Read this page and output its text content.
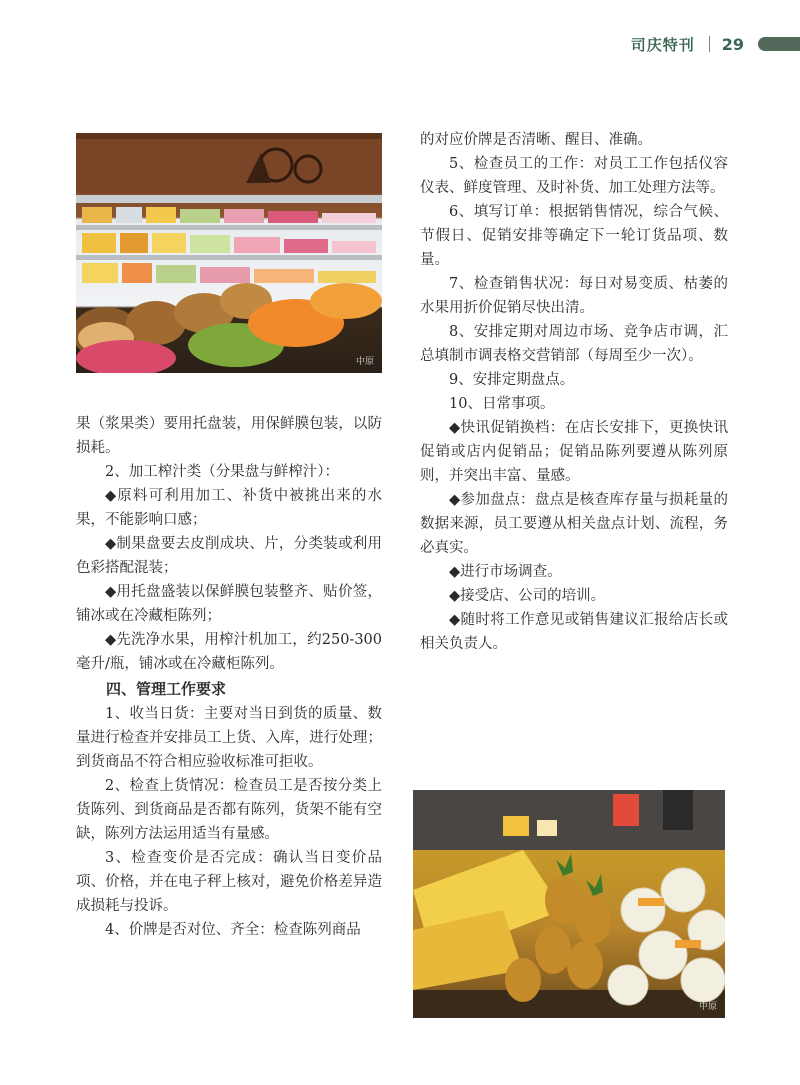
司庆特刊 29
中原
中原

果（浆果类）要用托盘装，用保鲜膜包装，以防损耗。

2、加工榨汁类（分果盘与鲜榨汁）：

◆原料可利用加工、补货中被挑出来的水果，不能影响口感；

◆制果盘要去皮削成块、片，分类装或利用色彩搭配混装；

◆用托盘盛装以保鲜膜包装整齐、贴价签，铺冰或在冷藏柜陈列；

◆先洗净水果，用榨汁机加工，约250-300毫升/瓶，铺冰或在冷藏柜陈列。

四、管理工作要求

1、收当日货：主要对当日到货的质量、数量进行检查并安排员工上货、入库，进行处理；到货商品不符合相应验收标准可拒收。

2、检查上货情况：检查员工是否按分类上货陈列、到货商品是否都有陈列，货架不能有空缺，陈列方法运用适当有量感。

3、检查变价是否完成：确认当日变价品项、价格，并在电子秤上核对，避免价格差异造成损耗与投诉。

4、价牌是否对位、齐全：检查陈列商品

的对应价牌是否清晰、醒目、准确。

5、检查员工的工作：对员工工作包括仪容仪表、鲜度管理、及时补货、加工处理方法等。

6、填写订单：根据销售情况，综合气候、节假日、促销安排等确定下一轮订货品项、数量。

7、检查销售状况：每日对易变质、枯萎的水果用折价促销尽快出清。

8、安排定期对周边市场、竞争店市调，汇总填制市调表格交营销部（每周至少一次）。

9、安排定期盘点。

10、日常事项。

◆快讯促销换档：在店长安排下，更换快讯促销或店内促销品；促销品陈列要遵从陈列原则，并突出丰富、量感。

◆参加盘点：盘点是核查库存量与损耗量的数据来源，员工要遵从相关盘点计划、流程，务必真实。

◆进行市场调查。

◆接受店、公司的培训。

◆随时将工作意见或销售建议汇报给店长或相关负责人。
